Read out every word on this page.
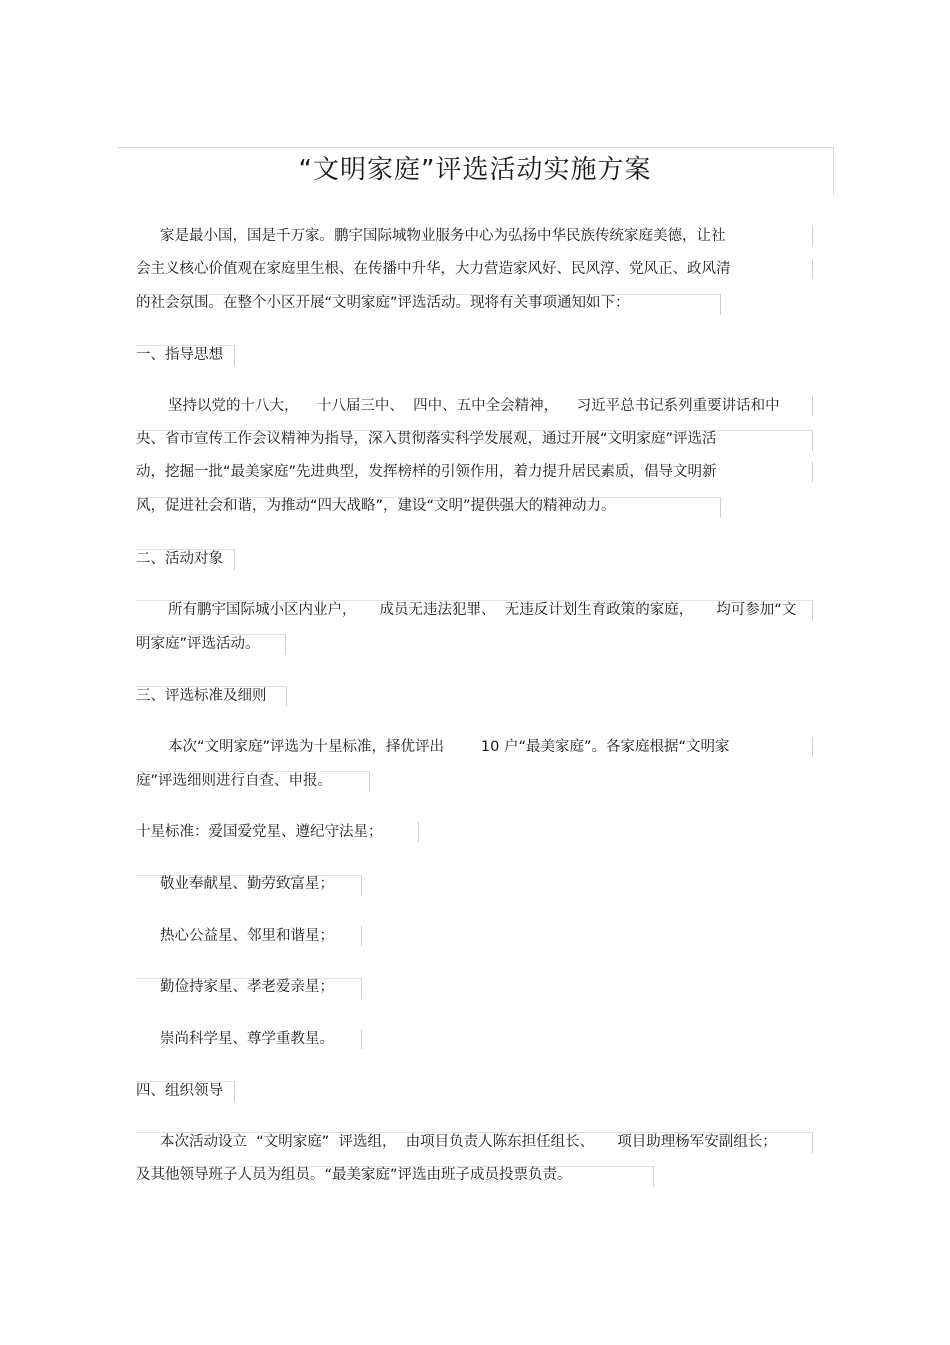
“文明家庭”评选活动实施方案
家是最小国，国是千万家。鹏宇国际城物业服务中心为弘扬中华民族传统家庭美德，让社
会主义核心价值观在家庭里生根、在传播中升华，大力营造家风好、民风淳、党风正、政风清
的社会氛围。在整个小区开展“文明家庭”评选活动。现将有关事项通知如下：
一、指导思想
坚持以党的十八大，    十八届三中、  四中、五中全会精神，    习近平总书记系列重要讲话和中
央、省市宣传工作会议精神为指导，深入贯彻落实科学发展观，通过开展“文明家庭”评选活
动，挖掘一批“最美家庭”先进典型，发挥榜样的引领作用，着力提升居民素质，倡导文明新
风，促进社会和谐，为推动“四大战略”，建设“文明”提供强大的精神动力。
二、活动对象
所有鹏宇国际城小区内业户，     成员无违法犯罪、  无违反计划生育政策的家庭，     均可参加“文
明家庭”评选活动。
三、评选标准及细则
本次“文明家庭”评选为十星标准，择优评出        10 户“最美家庭”。各家庭根据“文明家
庭”评选细则进行自查、申报。
十星标准：爱国爱党星、遵纪守法星；
敬业奉献星、勤劳致富星；
热心公益星、邻里和谐星；
勤俭持家星、孝老爱亲星；
崇尚科学星、尊学重教星。
四、组织领导
本次活动设立  “文明家庭”  评选组，  由项目负责人陈东担任组长、     项目助理杨军安副组长；
及其他领导班子人员为组员。“最美家庭”评选由班子成员投票负责。
